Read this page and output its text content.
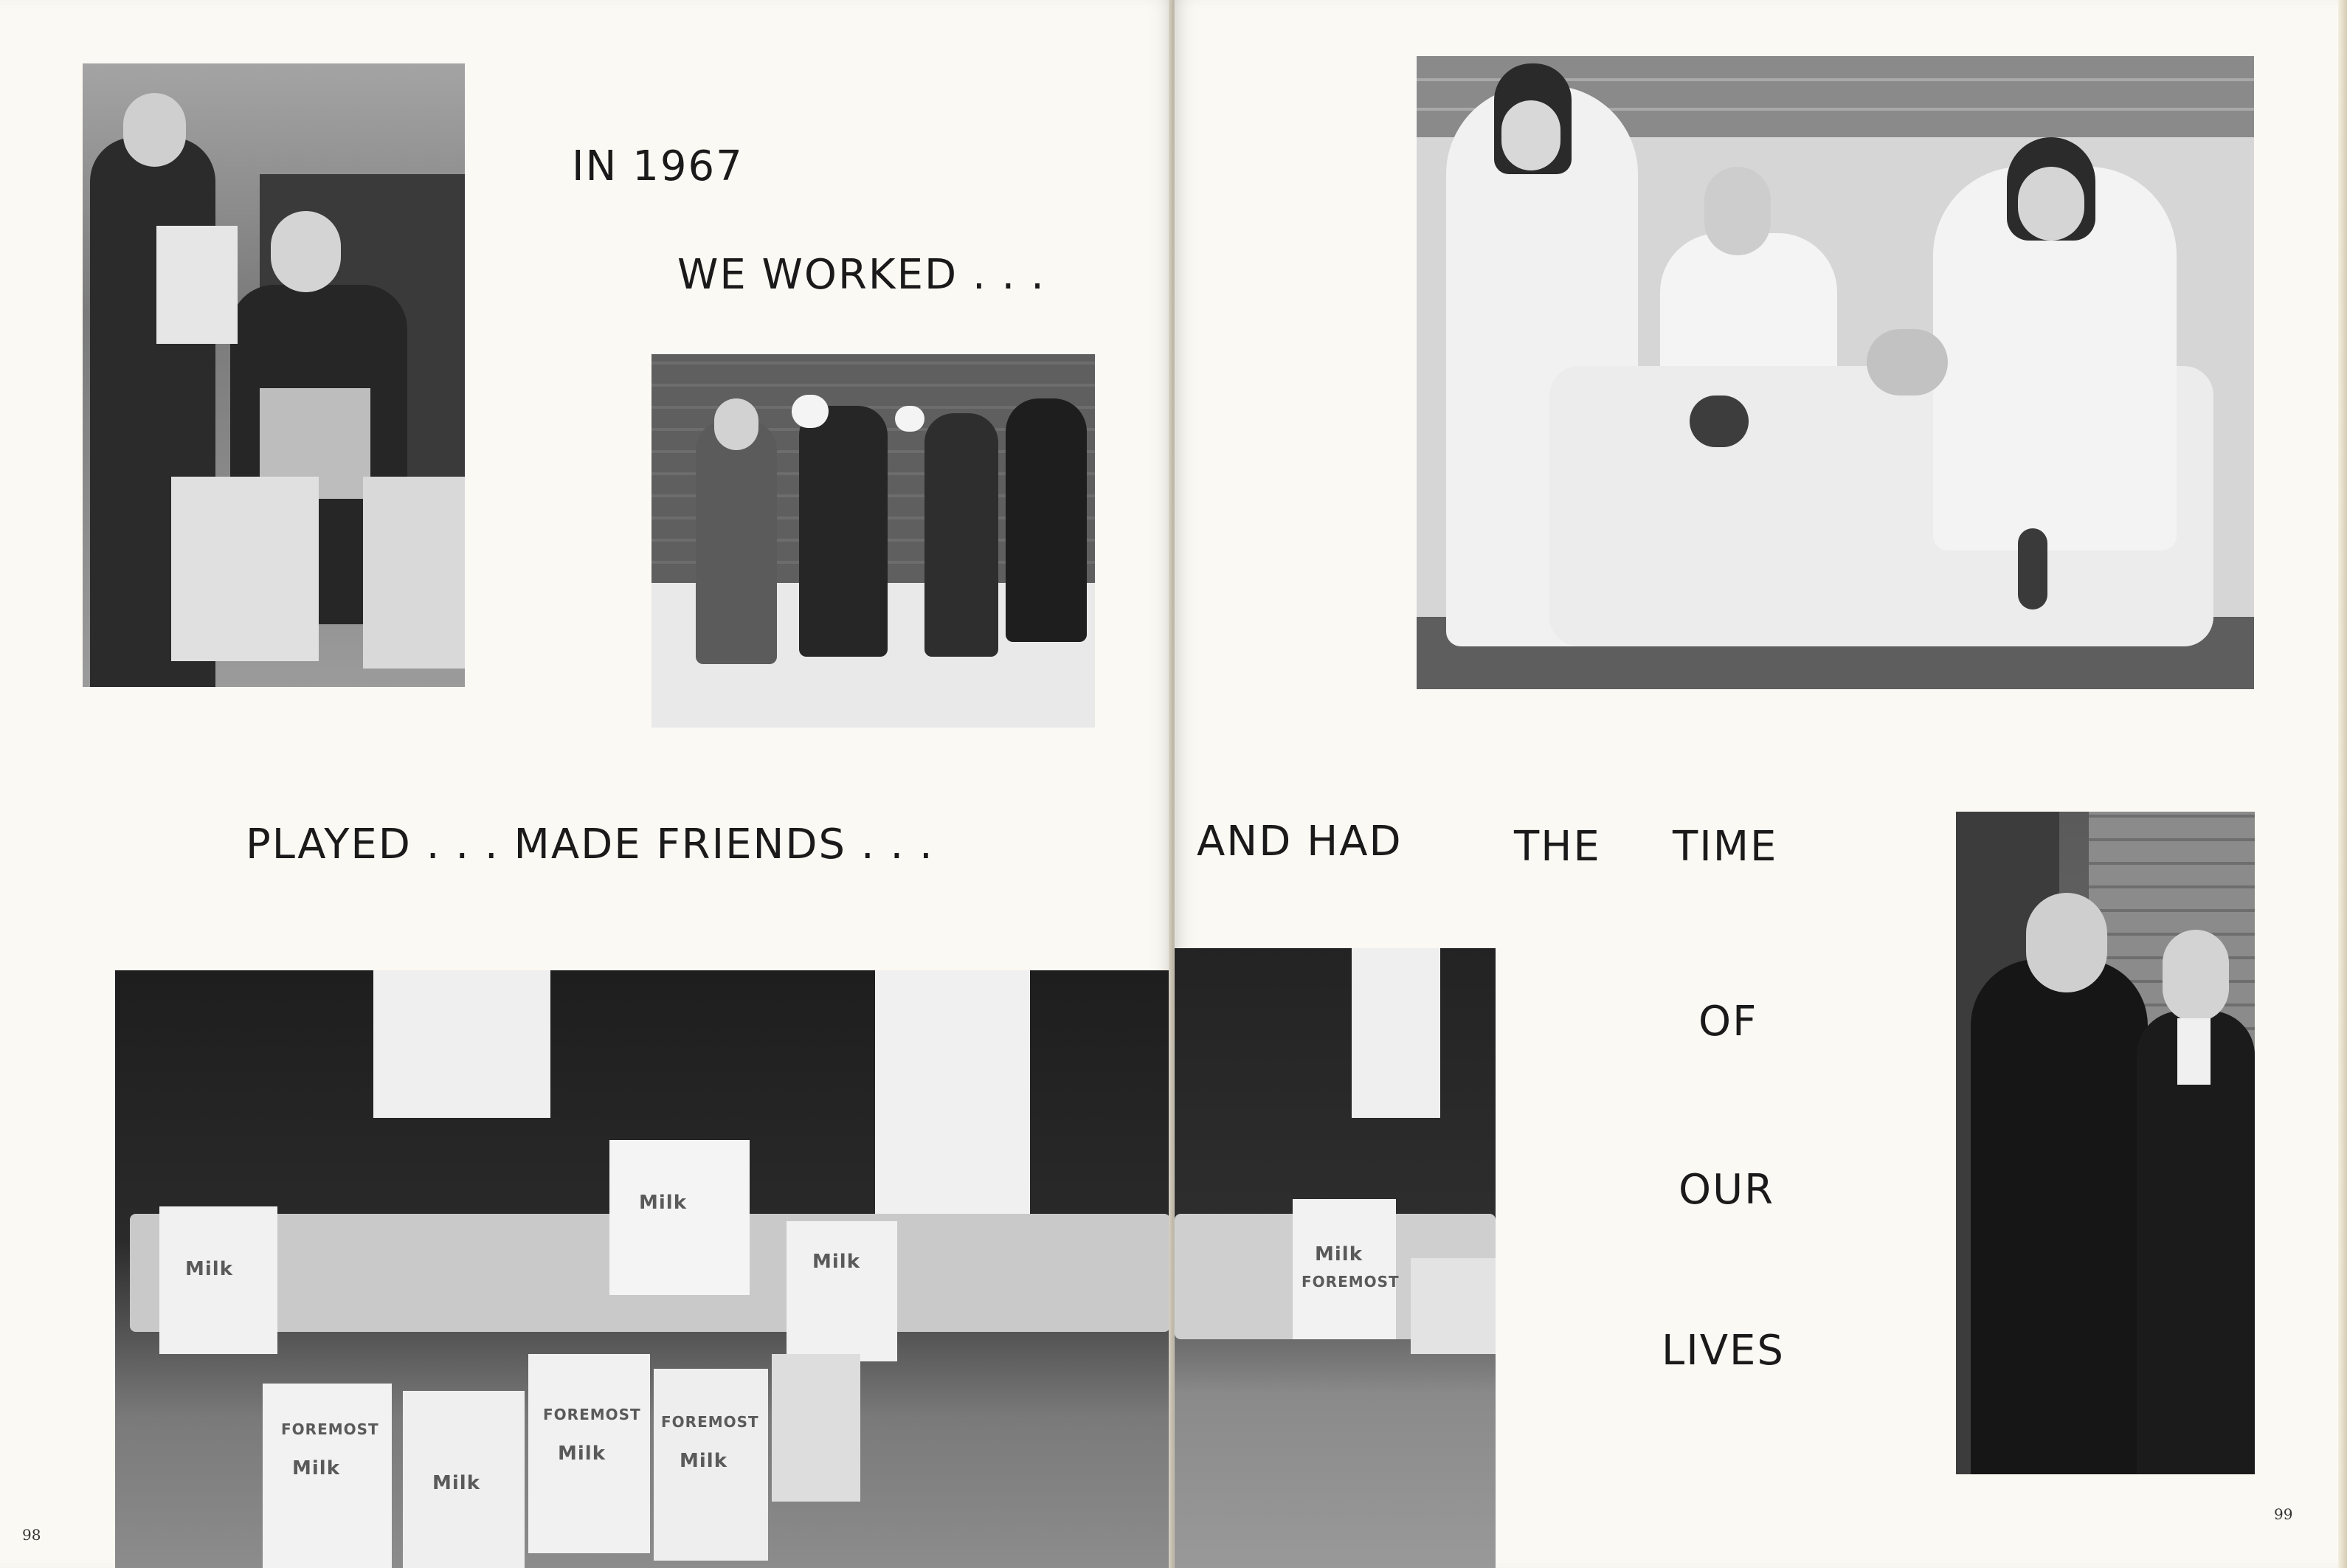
Milk
Milk	Milk
Milk
Milk
Milk	Milk
FOREMOST
FOREMOST FOREMOST
IN 1967
WE WORKED . . .
PLAYED . . . MADE FRIENDS . . .

98

Milk
FOREMOST
AND HAD	THE TIME
OF
OUR
LIVES

99
